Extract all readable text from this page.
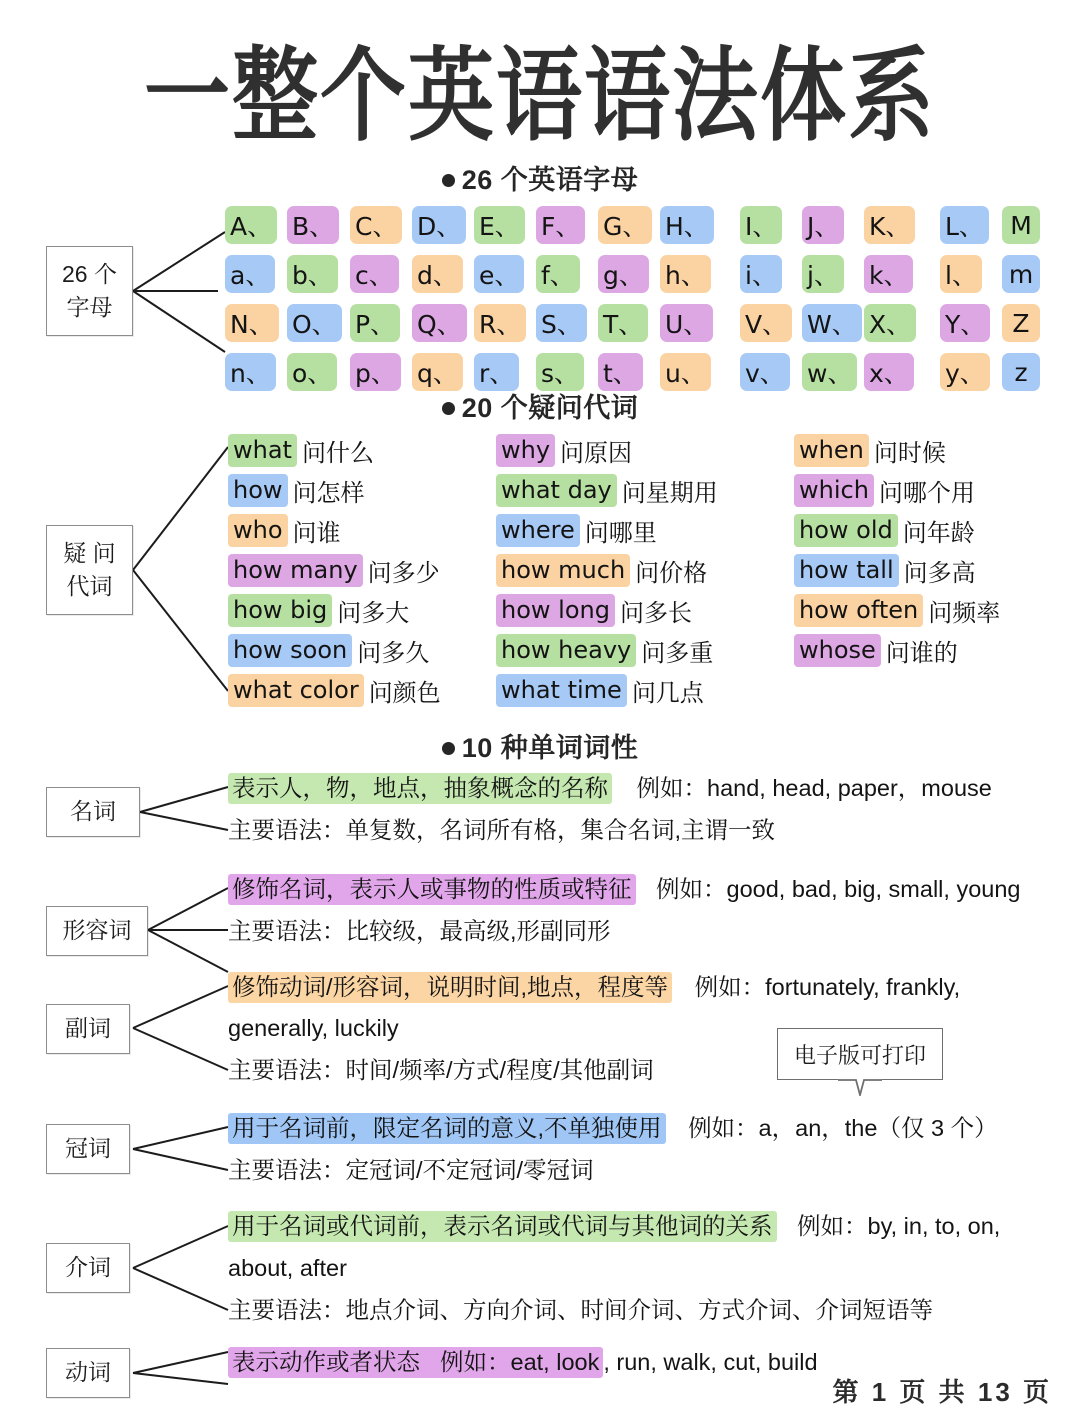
一整个英语语法体系
26 个英语字母
26 个
字母
A、 B、 C、 D、 E、 F、 G、 H、 I、 J、 K、 L、	M
a、 b、 c、 d、 e、 f、 g、 h、 i、 j、 k、 l、 m
N、 O、 P、 Q、 R、 S、 T、 U、 V、 W、 X、 Y、	Z
n、 o、 p、 q、 r、 s、 t、 u、 v、 w、 x、 y、	z
20 个疑问代词
疑 问
代词
what 问什么
how 问怎样
who 问谁
how many 问多少
how big 问多大
how soon 问多久
what color 问颜色
why 问原因
what day 问星期用
where 问哪里
how much 问价格
how long 问多长
how heavy 问多重
what time 问几点
when 问时候
which 问哪个用
how old 问年龄
how tall 问多高
how often 问频率
whose 问谁的
10 种单词词性
名词
表示人，物，地点，抽象概念的名称 例如：hand, head, paper，mouse
主要语法：单复数，名词所有格，集合名词,主谓一致
形容词
修饰名词，表示人或事物的性质或特征 例如：good, bad, big, small, young
主要语法：比较级，最高级,形副同形
副词
修饰动词/形容词，说明时间,地点，程度等 例如：fortunately, frankly,
generally, luckily
主要语法：时间/频率/方式/程度/其他副词
电子版可打印
冠词
用于名词前，限定名词的意义,不单独使用 例如：a，an，the（仅 3 个）
主要语法：定冠词/不定冠词/零冠词
介词
用于名词或代词前，表示名词或代词与其他词的关系 例如：by, in, to, on,
about, after
主要语法：地点介词、方向介词、时间介词、方式介词、介词短语等
动词	表示动作或者状态 例如：eat, look , run, walk, cut, build
第 1 页 共 13 页
